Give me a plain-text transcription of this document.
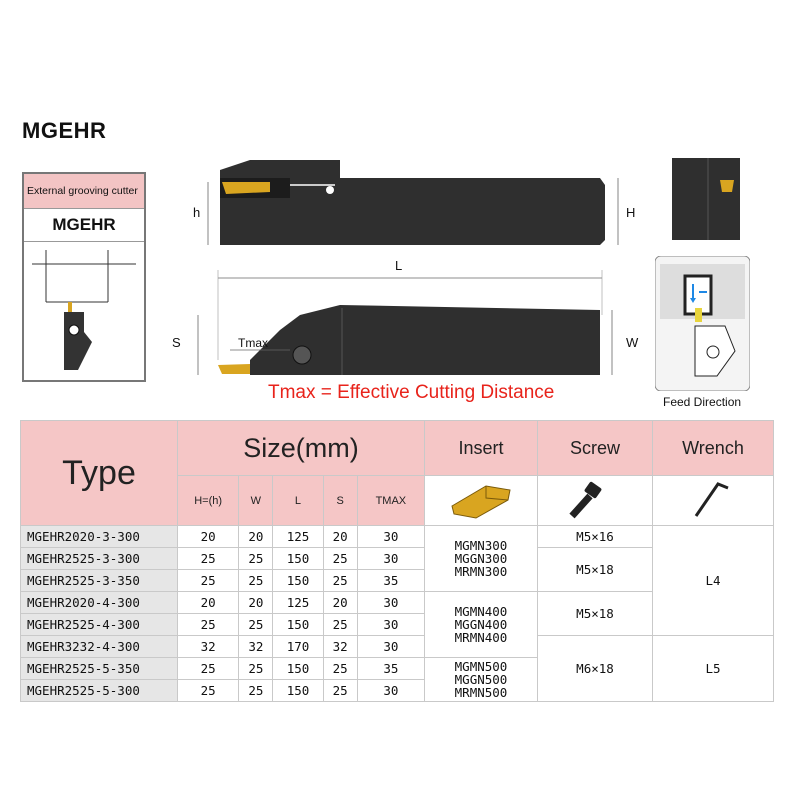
MGEHR
External grooving cutter
MGEHR
h	H
L
S	W
Tmax
Tmax = Effective Cutting Distance	Feed Direction
Type	Size(mm)					Insert	Screw	Wrench
	H=(h)	W	L	S	TMAX			
MGEHR2020-3-300	20	20	125	20	30	MGMN300
MGGN300
MRMN300	M5×16	L4
MGEHR2525-3-300	25	25	150	25	30		M5×18	
MGEHR2525-3-350	25	25	150	25	35			
MGEHR2020-4-300	20	20	125	20	30	MGMN400
MGGN400
MRMN400	M5×18	
MGEHR2525-4-300	25	25	150	25	30			
MGEHR3232-4-300	32	32	170	32	30		M6×18	L5
MGEHR2525-5-350	25	25	150	25	35	MGMN500
MGGN500
MRMN500		
MGEHR2525-5-300	25	25	150	25	30			
